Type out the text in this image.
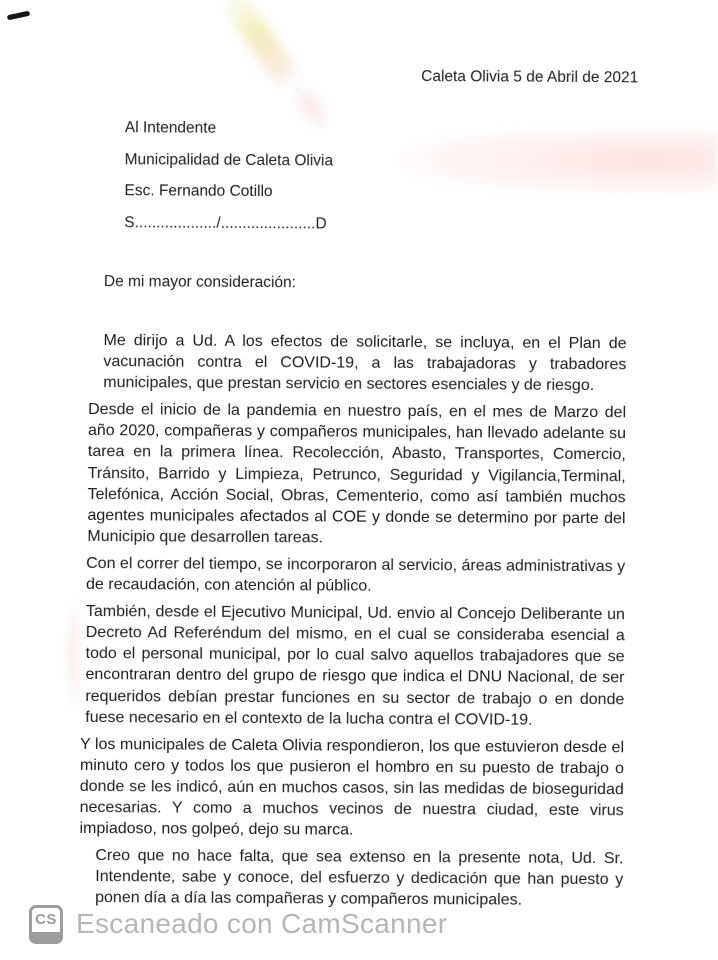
Caleta Olivia 5 de Abril de 2021
Al Intendente
Municipalidad de Caleta Olivia
Esc. Fernando Cotillo
S.................../......................D
De mi mayor consideración:

Me dirijo a Ud. A los efectos de solicitarle, se incluya, en el Plan de vacunación contra el COVID-19, a las trabajadoras y trabadores municipales, que prestan servicio en sectores esenciales y de riesgo.

Desde el inicio de la pandemia en nuestro país, en el mes de Marzo del año 2020, compañeras y compañeros municipales, han llevado adelante su tarea en la primera línea. Recolección, Abasto, Transportes, Comercio, Tránsito, Barrido y Limpieza, Petrunco, Seguridad y Vigilancia,Terminal, Telefónica, Acción Social, Obras, Cementerio, como así también muchos agentes municipales afectados al COE y donde se determino por parte del Municipio que desarrollen tareas.

Con el correr del tiempo, se incorporaron al servicio, áreas administrativas y de recaudación, con atención al público.

También, desde el Ejecutivo Municipal, Ud. envio al Concejo Deliberante un Decreto Ad Referéndum del mismo, en el cual se consideraba esencial a todo el personal municipal, por lo cual salvo aquellos trabajadores que se encontraran dentro del grupo de riesgo que indica el DNU Nacional, de ser requeridos debían prestar funciones en su sector de trabajo o en donde fuese necesario en el contexto de la lucha contra el COVID-19.

Y los municipales de Caleta Olivia respondieron, los que estuvieron desde el minuto cero y todos los que pusieron el hombro en su puesto de trabajo o donde se les indicó, aún en muchos casos, sin las medidas de bioseguridad necesarias. Y como a muchos vecinos de nuestra ciudad, este virus impiadoso, nos golpeó, dejo su marca.

Creo que no hace falta, que sea extenso en la presente nota, Ud. Sr. Intendente, sabe y conoce, del esfuerzo y dedicación que han puesto y ponen día a día las compañeras y compañeros municipales.

CS Escaneado con CamScanner
